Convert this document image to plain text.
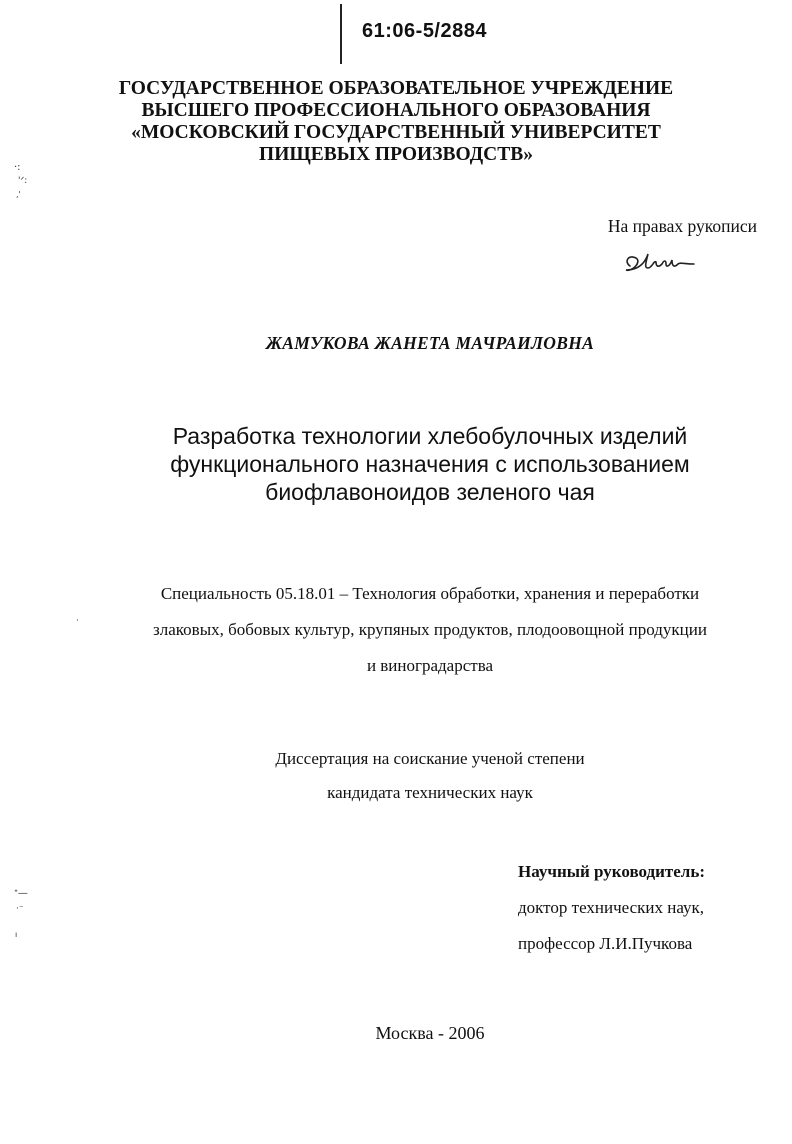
61:06-5/2884
·:
'ᐟ:
,'
ᕀ—
·⁻
ı
·
ГОСУДАРСТВЕННОЕ ОБРАЗОВАТЕЛЬНОЕ УЧРЕЖДЕНИЕ
ВЫСШЕГО ПРОФЕССИОНАЛЬНОГО ОБРАЗОВАНИЯ
«МОСКОВСКИЙ ГОСУДАРСТВЕННЫЙ УНИВЕРСИТЕТ
ПИЩЕВЫХ ПРОИЗВОДСТВ»
На правах рукописи
ЖАМУКОВА ЖАНЕТА МАЧРАИЛОВНА
Разработка технологии хлебобулочных изделий
функционального назначения с использованием
биофлавоноидов зеленого чая
Специальность 05.18.01 – Технология обработки, хранения и переработки
злаковых, бобовых культур, крупяных продуктов, плодоовощной продукции
и виноградарства
Диссертация на соискание ученой степени
кандидата технических наук
Научный руководитель:
доктор технических наук,
профессор Л.И.Пучкова
Москва - 2006
